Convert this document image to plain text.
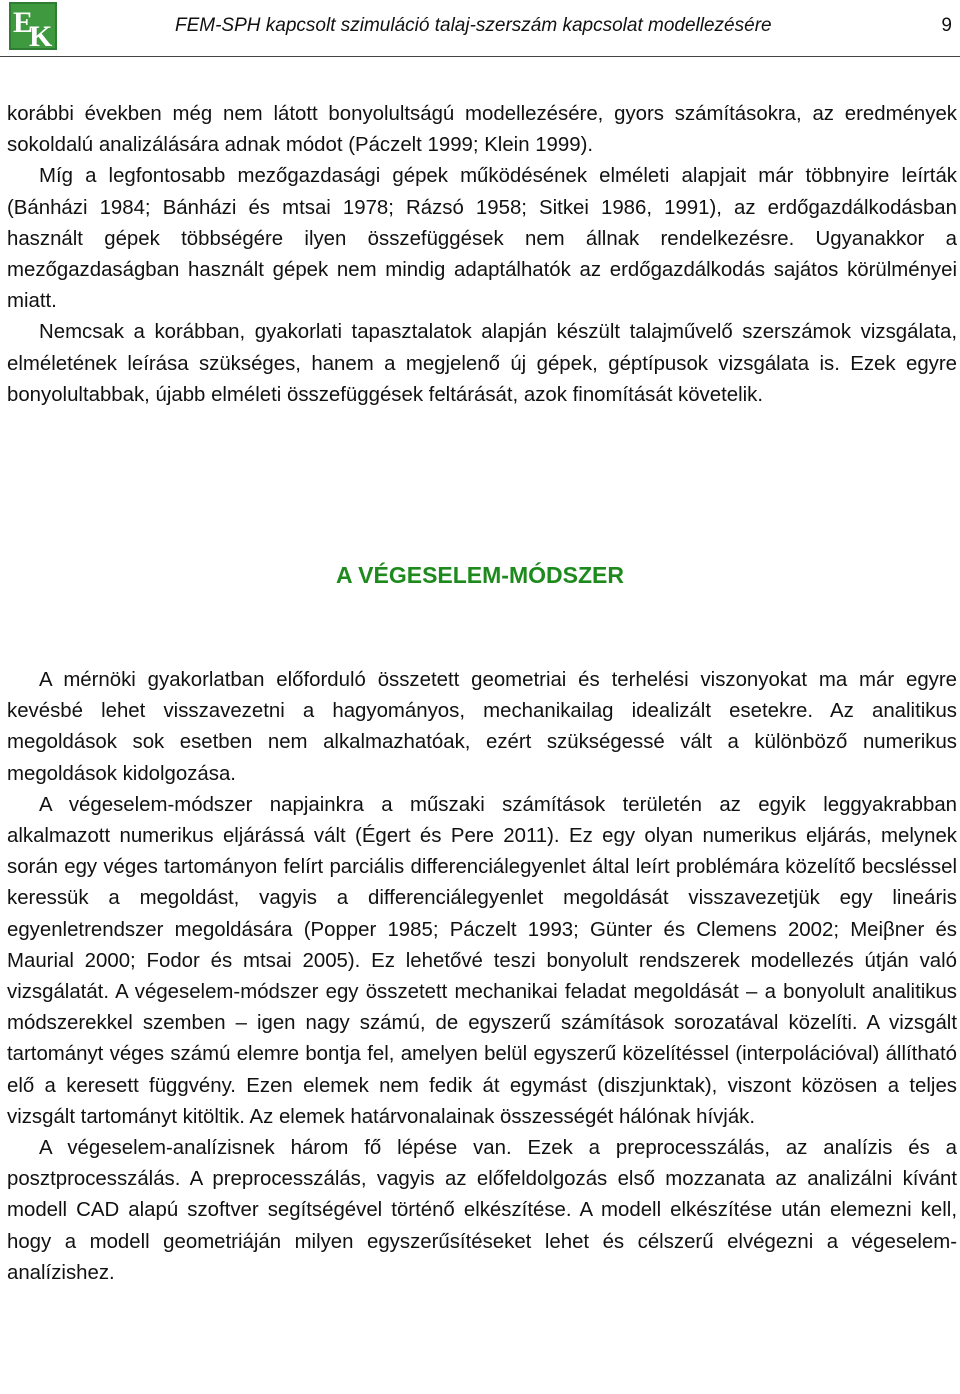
E
K	FEM-SPH kapcsolt szimuláció talaj-szerszám kapcsolat modellezésére	9

korábbi években még nem látott bonyolultságú modellezésére, gyors számításokra, az eredmények sokoldalú analizálására adnak módot (Páczelt 1999; Klein 1999).

Míg a legfontosabb mezőgazdasági gépek működésének elméleti alapjait már többnyire leírták (Bánházi 1984; Bánházi és mtsai 1978; Rázsó 1958; Sitkei 1986, 1991), az erdőgazdálkodásban használt gépek többségére ilyen összefüggések nem állnak rendelkezésre. Ugyanakkor a mezőgazdaságban használt gépek nem mindig adaptálhatók az erdőgazdálkodás sajátos körülményei miatt.

Nemcsak a korábban, gyakorlati tapasztalatok alapján készült talajművelő szerszámok vizsgálata, elméletének leírása szükséges, hanem a megjelenő új gépek, géptípusok vizsgálata is. Ezek egyre bonyolultabbak, újabb elméleti összefüggések feltárását, azok finomítását követelik.

A VÉGESELEM-MÓDSZER

A mérnöki gyakorlatban előforduló összetett geometriai és terhelési viszonyokat ma már egyre kevésbé lehet visszavezetni a hagyományos, mechanikailag idealizált esetekre. Az analitikus megoldások sok esetben nem alkalmazhatóak, ezért szükségessé vált a különböző numerikus megoldások kidolgozása.

A végeselem-módszer napjainkra a műszaki számítások területén az egyik leggyakrabban alkalmazott numerikus eljárássá vált (Égert és Pere 2011). Ez egy olyan numerikus eljárás, melynek során egy véges tartományon felírt parciális differenciálegyenlet által leírt problémára közelítő becsléssel keressük a megoldást, vagyis a differenciálegyenlet megoldását visszavezetjük egy lineáris egyenletrendszer megoldására (Popper 1985; Páczelt 1993; Günter és Clemens 2002; Meiβner és Maurial 2000; Fodor és mtsai 2005). Ez lehetővé teszi bonyolult rendszerek modellezés útján való vizsgálatát. A végeselem-módszer egy összetett mechanikai feladat megoldását – a bonyolult analitikus módszerekkel szemben – igen nagy számú, de egyszerű számítások sorozatával közelíti. A vizsgált tartományt véges számú elemre bontja fel, amelyen belül egyszerű közelítéssel (interpolációval) állítható elő a keresett függvény. Ezen elemek nem fedik át egymást (diszjunktak), viszont közösen a teljes vizsgált tartományt kitöltik. Az elemek határvonalainak összességét hálónak hívják.

A végeselem-analízisnek három fő lépése van. Ezek a preprocesszálás, az analízis és a posztprocesszálás. A preprocesszálás, vagyis az előfeldolgozás első mozzanata az analizálni kívánt modell CAD alapú szoftver segítségével történő elkészítése. A modell elkészítése után elemezni kell, hogy a modell geometriáján milyen egyszerűsítéseket lehet és célszerű elvégezni a végeselem-analízishez.
